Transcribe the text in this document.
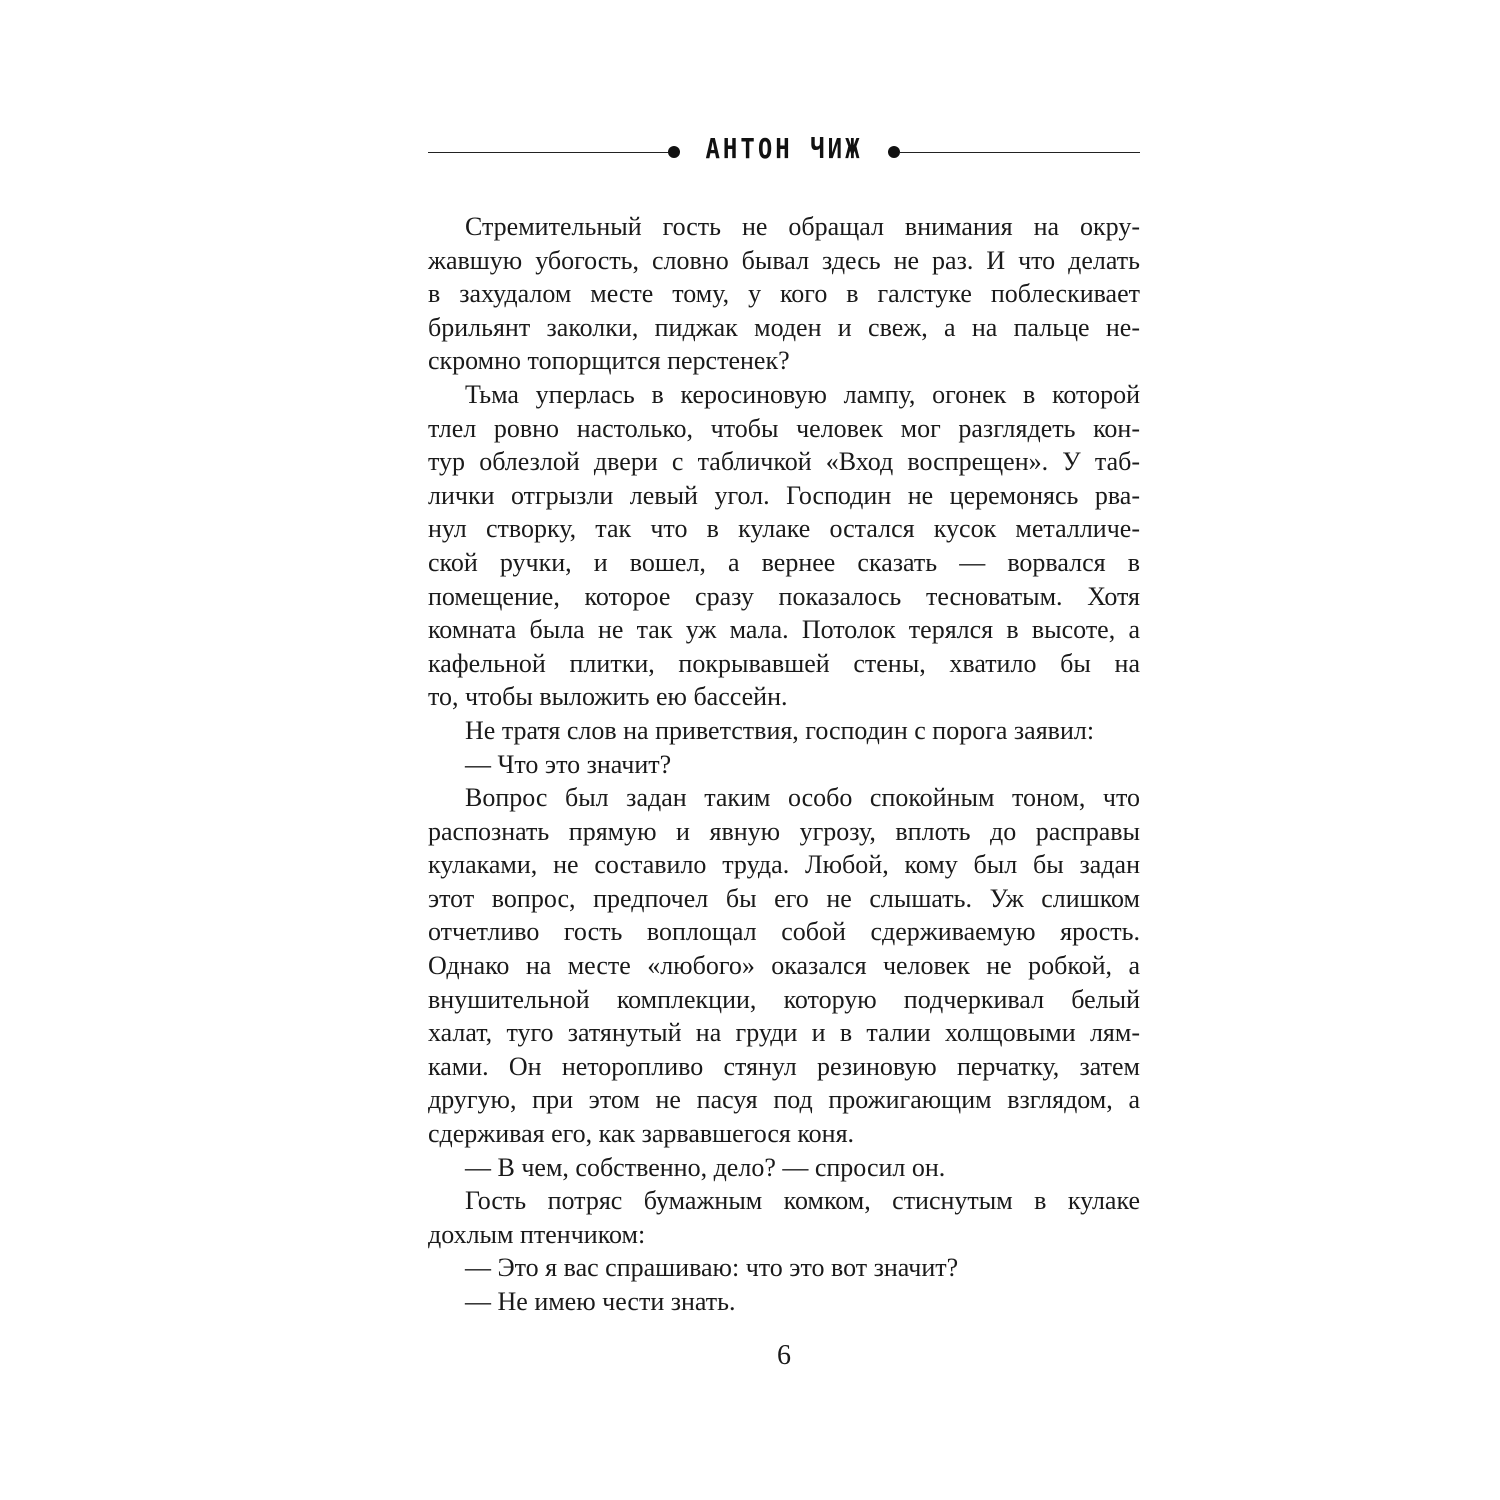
АНТОН ЧИЖ
Стремительный гость не обращал внимания на окру-
жавшую убогость, словно бывал здесь не раз. И что делать
в захудалом месте тому, у кого в галстуке поблескивает
брильянт заколки, пиджак моден и свеж, а на пальце не-
скромно топорщится перстенек?
Тьма уперлась в керосиновую лампу, огонек в которой
тлел ровно настолько, чтобы человек мог разглядеть кон-
тур облезлой двери с табличкой «Вход воспрещен». У таб-
лички отгрызли левый угол. Господин не церемонясь рва-
нул створку, так что в кулаке остался кусок металличе-
ской ручки, и вошел, а вернее сказать — ворвался в
помещение, которое сразу показалось тесноватым. Хотя
комната была не так уж мала. Потолок терялся в высоте, а
кафельной плитки, покрывавшей стены, хватило бы на
то, чтобы выложить ею бассейн.
Не тратя слов на приветствия, господин с порога заявил:
— Что это значит?
Вопрос был задан таким особо спокойным тоном, что
распознать прямую и явную угрозу, вплоть до расправы
кулаками, не составило труда. Любой, кому был бы задан
этот вопрос, предпочел бы его не слышать. Уж слишком
отчетливо гость воплощал собой сдерживаемую ярость.
Однако на месте «любого» оказался человек не робкой, а
внушительной комплекции, которую подчеркивал белый
халат, туго затянутый на груди и в талии холщовыми лям-
ками. Он неторопливо стянул резиновую перчатку, затем
другую, при этом не пасуя под прожигающим взглядом, а
сдерживая его, как зарвавшегося коня.
— В чем, собственно, дело? — спросил он.
Гость потряс бумажным комком, стиснутым в кулаке
дохлым птенчиком:
— Это я вас спрашиваю: что это вот значит?
— Не имею чести знать.
6
